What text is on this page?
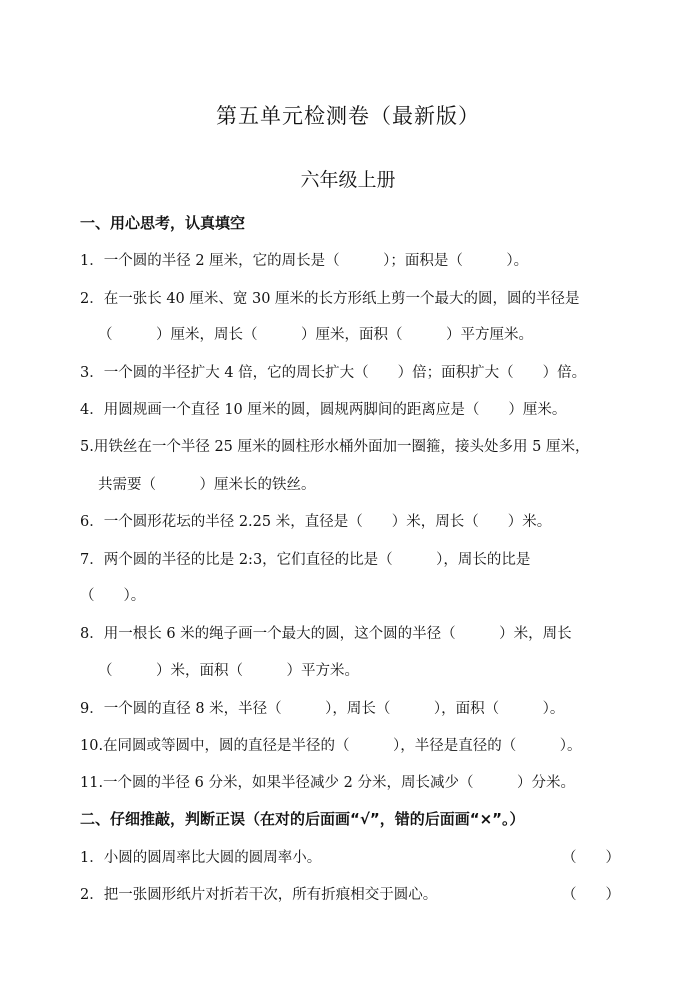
第五单元检测卷（最新版）
六年级上册
一、用心思考，认真填空
1．一个圆的半径 2 厘米，它的周长是（　　　）；面积是（　　　）。
2．在一张长 40 厘米、宽 30 厘米的长方形纸上剪一个最大的圆，圆的半径是
（　　　）厘米，周长（　　　）厘米，面积（　　　）平方厘米。
3．一个圆的半径扩大 4 倍，它的周长扩大（　　）倍；面积扩大（　　）倍。
4．用圆规画一个直径 10 厘米的圆，圆规两脚间的距离应是（　　）厘米。
5.用铁丝在一个半径 25 厘米的圆柱形水桶外面加一圈箍，接头处多用 5 厘米，
共需要（　　　）厘米长的铁丝。
6．一个圆形花坛的半径 2.25 米，直径是（　　）米，周长（　　）米。
7．两个圆的半径的比是 2:3，它们直径的比是（　　　），周长的比是
（　　）。
8．用一根长 6 米的绳子画一个最大的圆，这个圆的半径（　　　）米，周长
（　　　）米，面积（　　　）平方米。
9．一个圆的直径 8 米，半径（　　　），周长（　　　），面积（　　　）。
10.在同圆或等圆中，圆的直径是半径的（　　　），半径是直径的（　　　）。
11.一个圆的半径 6 分米，如果半径减少 2 分米，周长减少（　　　）分米。
二、仔细推敲，判断正误（在对的后面画“√”，错的后面画“×”。）
1．小圆的圆周率比大圆的圆周率小。	（　　）
2．把一张圆形纸片对折若干次，所有折痕相交于圆心。	（　　）
